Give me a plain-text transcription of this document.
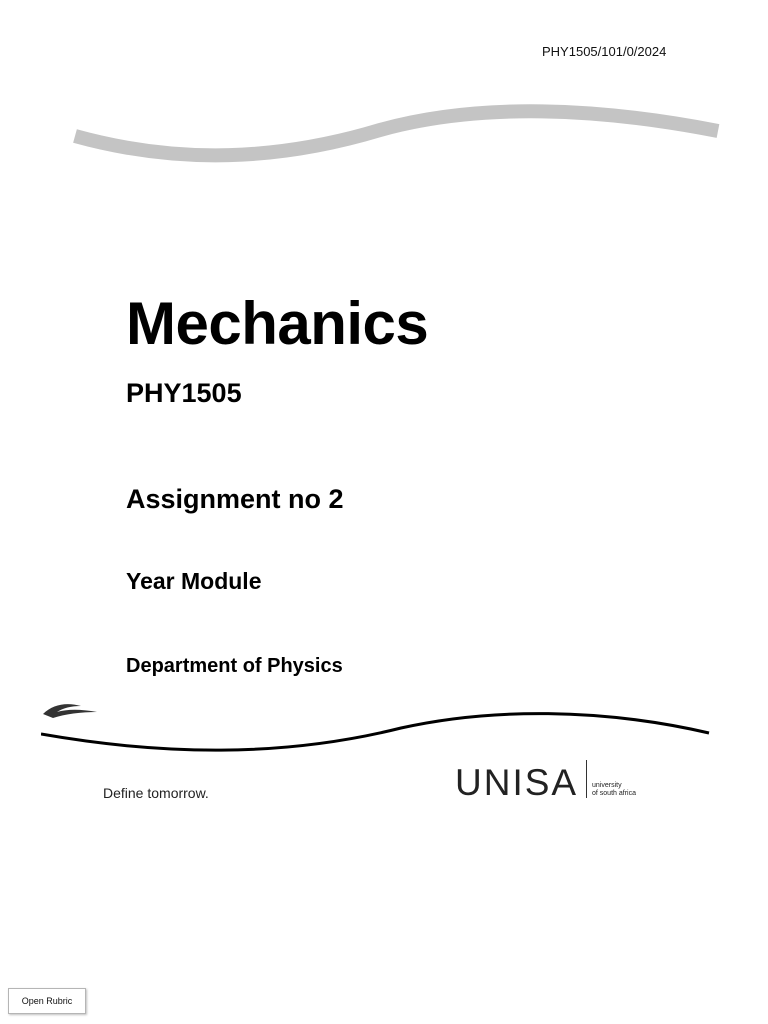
PHY1505/101/0/2024
Mechanics
PHY1505
Assignment no 2
Year Module
Department of Physics
Define tomorrow.	UNISA university
of south africa
Open Rubric
